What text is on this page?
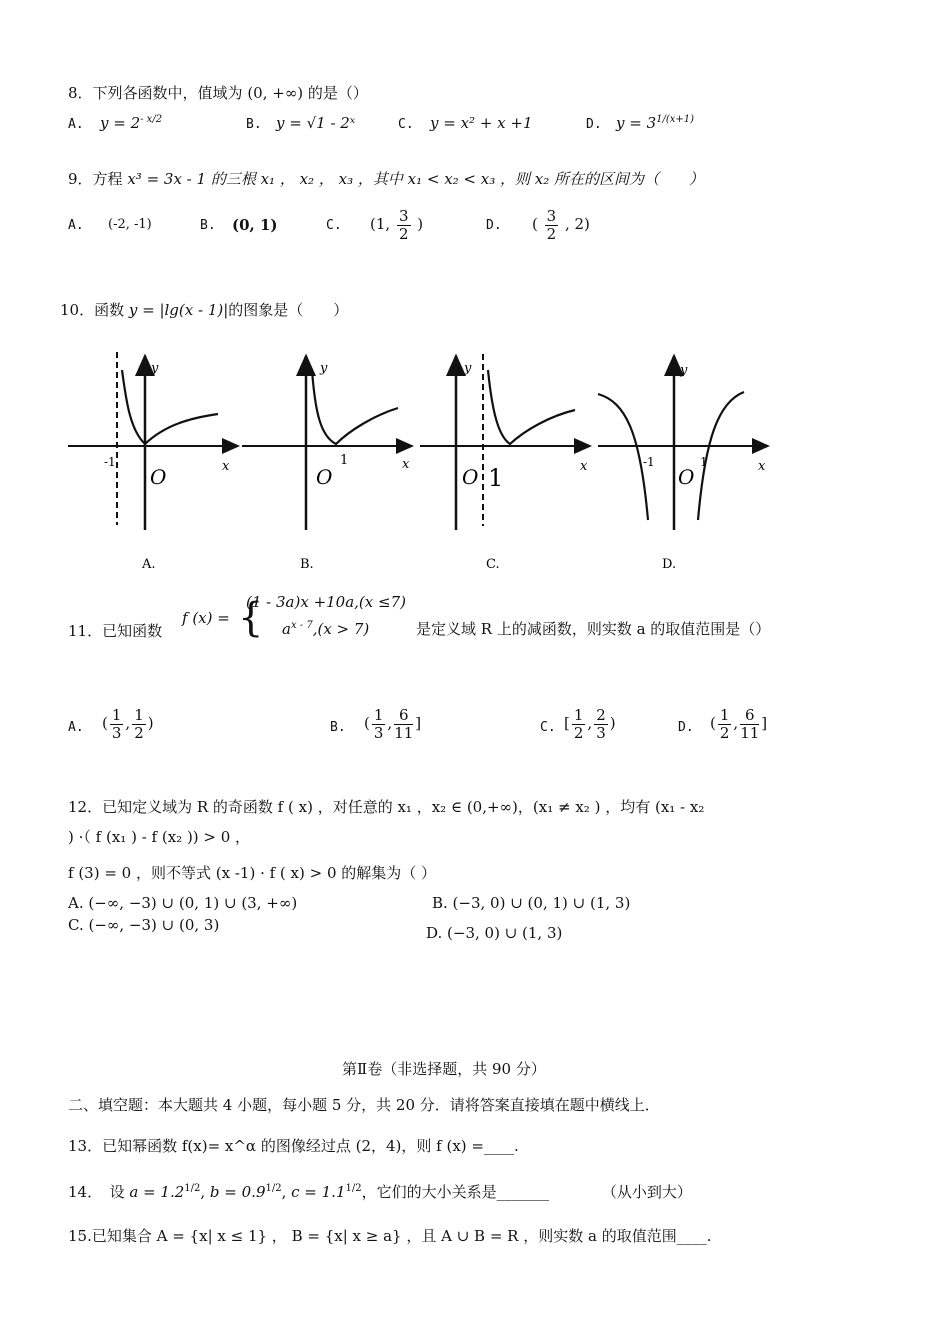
8．下列各函数中，值域为 (0, +∞) 的是（）
A. $y = 2^{- x/2}$	B. y = √1 - 2ˣ	C. y = x² + x +1	D. $y = 3^{1/(x+1)}$
9．方程 x³ = 3x - 1 的三根 x₁ ， x₂ ， x₃ ，其中 x₁ < x₂ < x₃ ，则 x₂ 所在的区间为（　　）
A. (-2, -1)	B. (0, 1)	C. (1, $\frac{3}{2}$ )	D. ( $\frac{3}{2}$ , 2)
10．函数 y = |lg(x - 1)|的图象是（　　）
-1
O	x
y
1
O
x
y
1
O	x
y
-1	1
O	x
y
A.	B.	C.	D.
11．已知函数
f (x) = {
(1 - 3a)x +10a,(x ≤7)
$a^{x - 7},(x > 7)$	是定义域 R 上的减函数，则实数 a 的取值范围是（）
A. ( $\frac{1}{3}$ , $\frac{1}{2}$ )	B. ( $\frac{1}{3}$ , $\frac{6}{11}$ ]	C. [ $\frac{1}{2}$ , $\frac{2}{3}$ )	D. ( $\frac{1}{2}$ , $\frac{6}{11}$ ]
12．已知定义域为 R 的奇函数 f ( x) ，对任意的 x₁ ，x₂ ∈ (0,+∞)，(x₁ ≠ x₂ ) ，均有 (x₁ - x₂
) ·（ f (x₁ ) - f (x₂ )) > 0 ，
f (3) = 0 ，则不等式 (x -1) · f ( x) > 0 的解集为（ ）
A. (−∞, −3) ∪ (0, 1) ∪ (3, +∞)	B. (−3, 0) ∪ (0, 1) ∪ (1, 3)
C. (−∞, −3) ∪ (0, 3)	D. (−3, 0) ∪ (1, 3)
第Ⅱ卷（非选择题，共 90 分）
二、填空题：本大题共 4 小题，每小题 5 分，共 20 分．请将答案直接填在题中横线上．
13．已知幂函数 f(x)= x^α 的图像经过点 (2，4)，则 f (x) =____.
14．　设 $a = 1.2^{1/2}$, $b = 0.9^{1/2}$, $c = 1.1^{1/2}$，它们的大小关系是_______	（从小到大）
15.已知集合 A = {x| x ≤ 1} ， B = {x| x ≥ a} ，且 A ∪ B = R ，则实数 a 的取值范围____.
